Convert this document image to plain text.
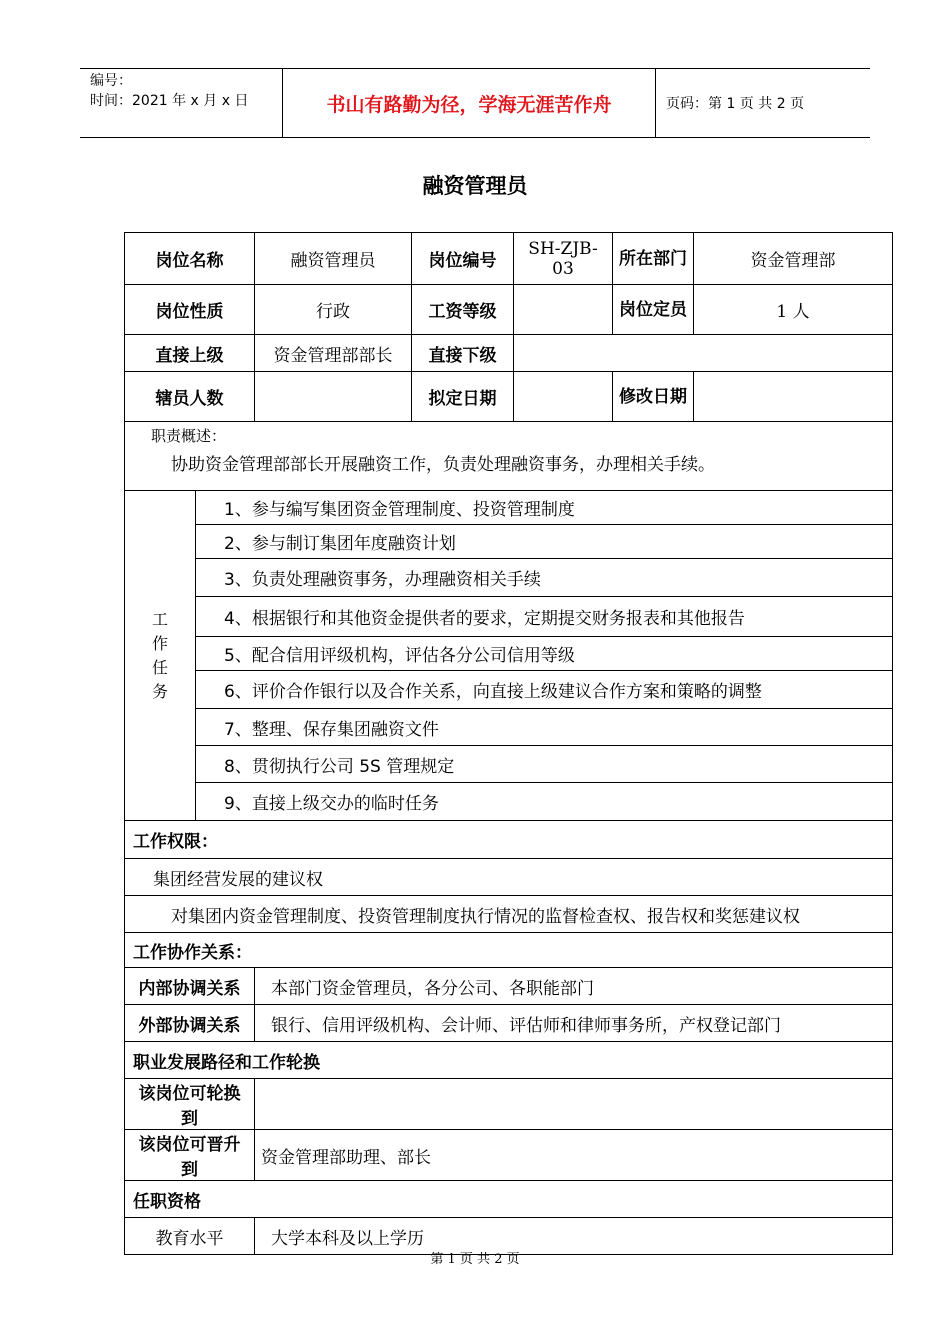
编号：
时间：2021 年 x 月 x 日	书山有路勤为径，学海无涯苦作舟	页码：第 1 页 共 2 页
融资管理员
岗位名称		融资管理员	岗位编号	SH-ZJB-03	所在部门	资金管理部
岗位性质		行政	工资等级		岗位定员	1 人
直接上级		资金管理部部长	直接下级			
辖员人数			拟定日期		修改日期	

职责概述：
协助资金管理部部长开展融资工作，负责处理融资事务，办理相关手续。						

工作任务	1、参与编写集团资金管理制度、投资管理制度					
	2、参与制订集团年度融资计划					
	3、负责处理融资事务，办理融资相关手续					
	4、根据银行和其他资金提供者的要求，定期提交财务报表和其他报告					
	5、配合信用评级机构，评估各分公司信用等级					
	6、评价合作银行以及合作关系，向直接上级建议合作方案和策略的调整					
	7、整理、保存集团融资文件					
	8、贯彻执行公司 5S 管理规定					
	9、直接上级交办的临时任务					
工作权限：						
集团经营发展的建议权						
对集团内资金管理制度、投资管理制度执行情况的监督检查权、报告权和奖惩建议权						
工作协作关系：						
内部协调关系		本部门资金管理员，各分公司、各职能部门				
外部协调关系		银行、信用评级机构、会计师、评估师和律师事务所，产权登记部门				
职业发展路径和工作轮换						
该岗位可轮换到						
该岗位可晋升到		资金管理部助理、部长				
任职资格						
教育水平		大学本科及以上学历				
第 1 页 共 2 页
